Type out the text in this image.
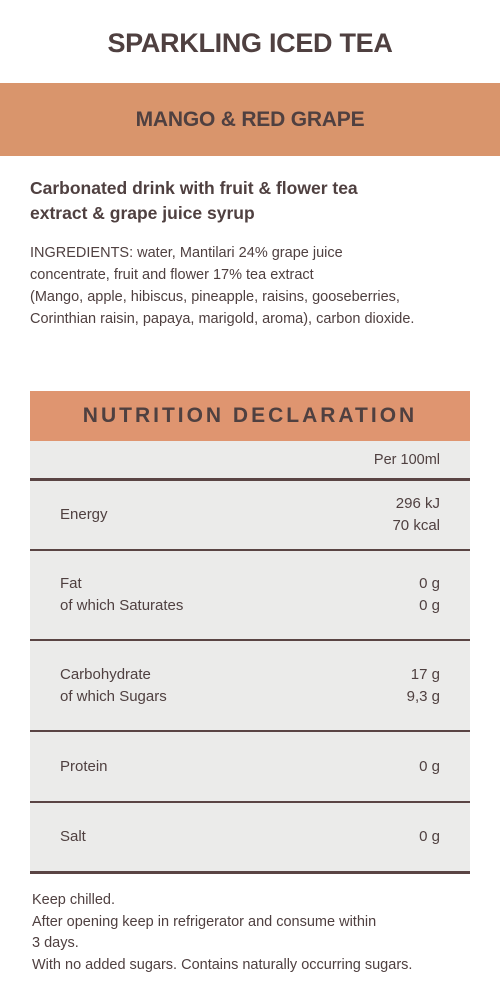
SPARKLING ICED TEA
MANGO & RED GRAPE
Carbonated drink with fruit & flower tea
extract & grape juice syrup
INGREDIENTS: water, Mantilari 24% grape juice
concentrate, fruit and flower 17% tea extract
(Mango, apple, hibiscus, pineapple, raisins, gooseberries,
Corinthian raisin, papaya, marigold, aroma), carbon dioxide.
NUTRITION DECLARATION
Per 100ml
Energy
296 kJ
70 kcal
Fat
of which Saturates
0 g
0 g
Carbohydrate
of which Sugars
17 g
9,3 g
Protein	0 g
Salt	0 g
Keep chilled.
After opening keep in refrigerator and consume within
3 days.
With no added sugars. Contains naturally occurring sugars.
